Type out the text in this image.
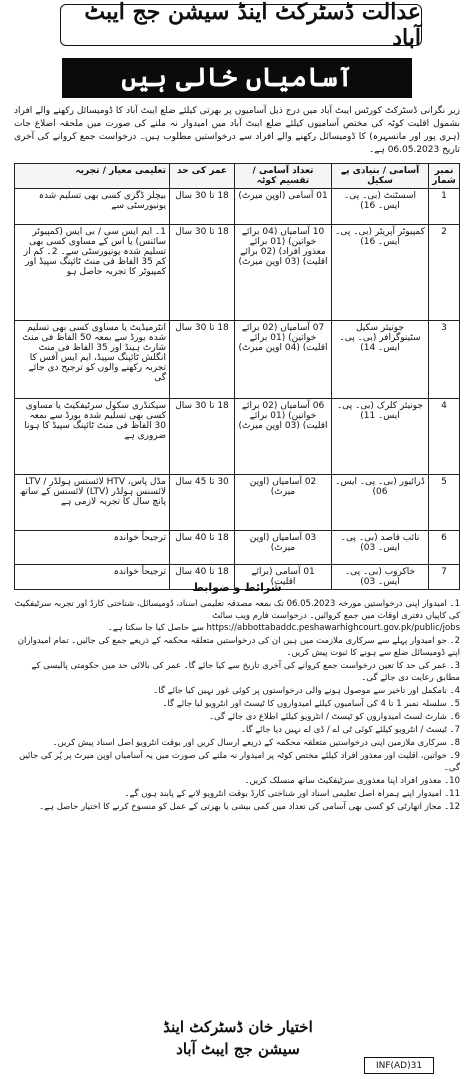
عدالت ڈسٹرکٹ اینڈ سیشن جج ایبٹ آباد
آسامیاں خالی ہیں
زیر نگرانی ڈسٹرکٹ کورٹس ایبٹ آباد میں درج ذیل آسامیوں پر بھرتی کیلئے ضلع ایبٹ آباد کا ڈومیسائل رکھنے والے افراد بشمول اقلیت کوٹہ کی مختص آسامیوں کیلئے ضلع ایبٹ آباد میں امیدوار نہ ملنے کی صورت میں ملحقہ اضلاع جات (ہری پور اور مانسہرہ) کا ڈومیسائل رکھنے والے افراد سے درخواستیں مطلوب ہیں۔ درخواست جمع کروانے کی آخری تاریخ 06.05.2023 ہے۔
نمبر شمار	آسامی / بنیادی پے سکیل	تعداد آسامی / تقسیم کوٹہ	عمر کی حد	تعلیمی معیار / تجربہ
1	اسسٹنٹ (بی۔ پی۔ ایس۔ 16)	01 آسامی (اوپن میرٹ)	18 تا 30 سال	بیچلر ڈگری کسی بھی تسلیم شدہ یونیورسٹی سے
2	کمپیوٹر آپریٹر (بی۔ پی۔ ایس۔ 16)	10 آسامیاں (04 برائے خواتین) (01 برائے معذور افراد) (02 برائے اقلیت) (03 اوپن میرٹ)	18 تا 30 سال	1۔ ایم ایس سی / بی ایس (کمپیوٹر سائنس) یا اس کے مساوی کسی بھی تسلیم شدہ یونیورسٹی سے۔ 2۔ کم از کم 35 الفاظ فی منٹ ٹائپنگ سپیڈ اور کمپیوٹر کا تجربہ حاصل ہو
3	جونیئر سکیل سٹینوگرافر (بی۔ پی۔ ایس۔ 14)	07 آسامیاں (02 برائے خواتین) (01 برائے اقلیت) (04 اوپن میرٹ)	18 تا 30 سال	انٹرمیڈیٹ یا مساوی کسی بھی تسلیم شدہ بورڈ سے بمعہ 50 الفاظ فی منٹ شارٹ ہینڈ اور 35 الفاظ فی منٹ انگلش ٹائپنگ سپیڈ، ایم ایس آفس کا تجربہ رکھنے والوں کو ترجیح دی جائے گی
4	جونیئر کلرک (بی۔ پی۔ ایس۔ 11)	06 آسامیاں (02 برائے خواتین) (01 برائے اقلیت) (03 اوپن میرٹ)	18 تا 30 سال	سیکنڈری سکول سرٹیفکیٹ یا مساوی کسی بھی تسلیم شدہ بورڈ سے بمعہ 30 الفاظ فی منٹ ٹائپنگ سپیڈ کا ہونا ضروری ہے
5	ڈرائیور (بی۔ پی۔ ایس۔ 06)	02 آسامیاں (اوپن میرٹ)	30 تا 45 سال	مڈل پاس، HTV لائسنس ہولڈر / LTV لائسنس ہولڈر (LTV) لائسنس کے ساتھ پانچ سال کا تجربہ لازمی ہے
6	نائب قاصد (بی۔ پی۔ ایس۔ 03)	03 آسامیاں (اوپن میرٹ)	18 تا 40 سال	ترجیحاً خواندہ
7	خاکروب (بی۔ پی۔ ایس۔ 03)	01 آسامی (برائے اقلیت)	18 تا 40 سال	ترجیحاً خواندہ
شرائط و ضوابط
1۔ امیدوار اپنی درخواستیں مورخہ 06.05.2023 تک بمعہ مصدقہ تعلیمی اسناد، ڈومیسائل، شناختی کارڈ اور تجربہ سرٹیفکیٹ کی کاپیاں دفتری اوقات میں جمع کروائیں۔ درخواست فارم ویب سائٹ https://abbottabaddc.peshawarhighcourt.gov.pk/public/jobs سے حاصل کیا جا سکتا ہے۔
2۔ جو امیدوار پہلے سے سرکاری ملازمت میں ہیں ان کی درخواستیں متعلقہ محکمہ کے ذریعے جمع کی جائیں۔ تمام امیدواران اپنے ڈومیسائل ضلع سے ہونے کا ثبوت پیش کریں۔
3۔ عمر کی حد کا تعین درخواست جمع کروانے کی آخری تاریخ سے کیا جائے گا۔ عمر کی بالائی حد میں حکومتی پالیسی کے مطابق رعایت دی جائے گی۔
4۔ نامکمل اور تاخیر سے موصول ہونے والی درخواستوں پر کوئی غور نہیں کیا جائے گا۔
5۔ سلسلہ نمبر 1 تا 4 کی آسامیوں کیلئے امیدواروں کا ٹیسٹ اور انٹرویو لیا جائے گا۔
6۔ شارٹ لسٹ امیدواروں کو ٹیسٹ / انٹرویو کیلئے اطلاع دی جائے گی۔
7۔ ٹیسٹ / انٹرویو کیلئے کوئی ٹی اے / ڈی اے نہیں دیا جائے گا۔
8۔ سرکاری ملازمین اپنی درخواستیں متعلقہ محکمہ کے ذریعے ارسال کریں اور بوقت انٹرویو اصل اسناد پیش کریں۔
9۔ خواتین، اقلیت اور معذور افراد کیلئے مختص کوٹہ پر امیدوار نہ ملنے کی صورت میں یہ آسامیاں اوپن میرٹ پر پُر کی جائیں گی۔
10۔ معذور افراد اپنا معذوری سرٹیفکیٹ ساتھ منسلک کریں۔
11۔ امیدوار اپنے ہمراہ اصل تعلیمی اسناد اور شناختی کارڈ بوقت انٹرویو لانے کے پابند ہوں گے۔
12۔ مجاز اتھارٹی کو کسی بھی آسامی کی تعداد میں کمی بیشی یا بھرتی کے عمل کو منسوخ کرنے کا اختیار حاصل ہے۔
اختیار خان ڈسٹرکٹ اینڈ
سیشن جج ایبٹ آباد
INF(AD)31
